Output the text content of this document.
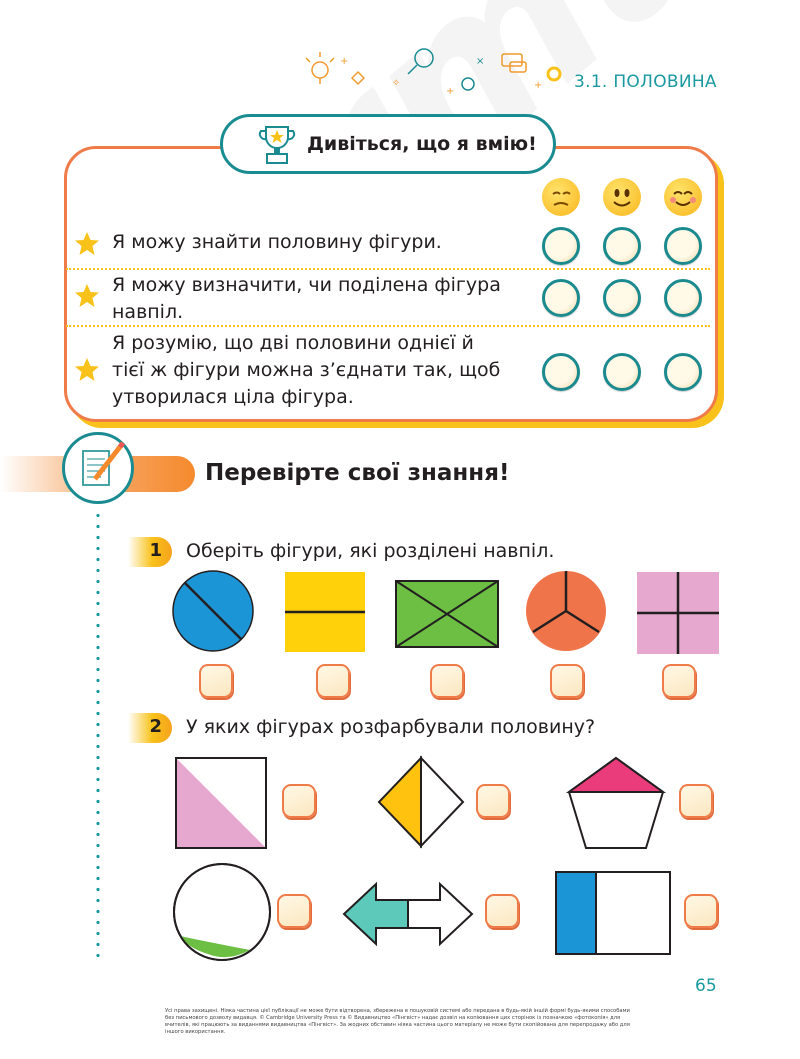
+
✧
+
×
+ 3.1. ПОЛОВИНА
Дивіться, що я вмію!
Я можу знайти половину фігури.
Я можу визначити, чи поділена фігура навпіл.
Я розумію, що дві половини однієї й тієї ж фігури можна з’єднати так, щоб утворилася ціла фігура.
Перевірте свої знання!
1 Оберіть фігури, які розділені навпіл.
2 У яких фігурах розфарбували половину?
65
Усі права захищені. Ніяка частина цієї публікації не може бути відтворена, збережена в пошуковій системі або передана в будь-якій іншій формі будь-якими способами без письмового дозволу видавця. © Cambridge University Press та © Видавництво «Пінгвіст» надає дозвіл на копіювання цих сторінок із позначкою «фотокопія» для вчителів, які працюють за виданнями видавництва «Пінгвіст». За жодних обставин ніяка частина цього матеріалу не може бути скопійована для перепродажу або для іншого використання.
